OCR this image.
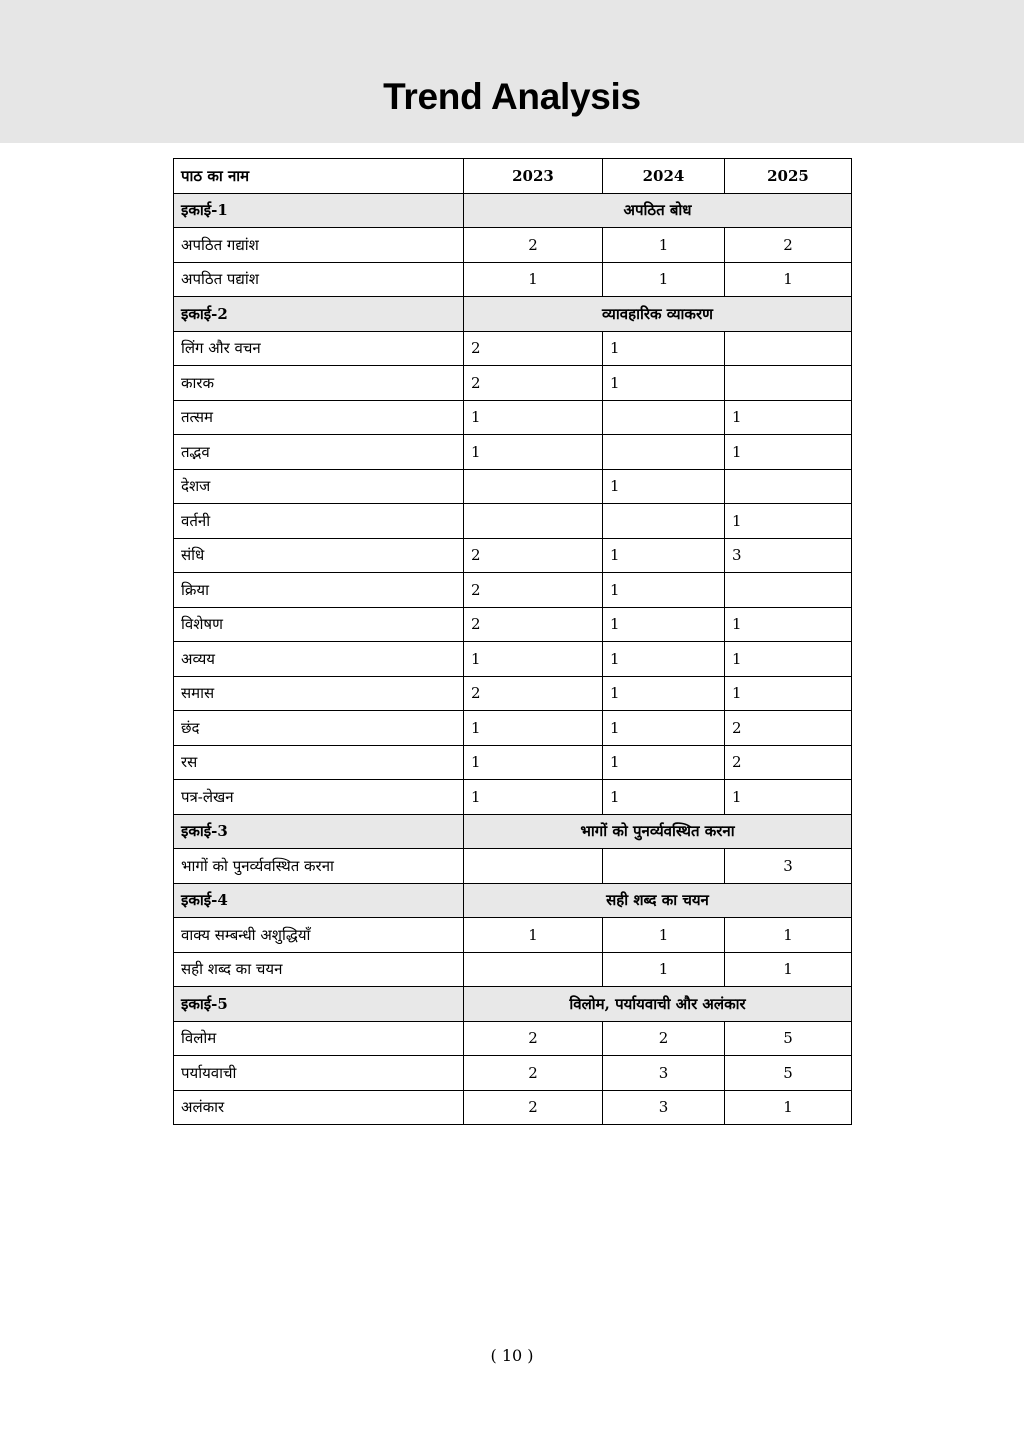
Trend Analysis
पाठ का नाम	2023	2024	2025
इकाई-1	अपठित बोध		
अपठित गद्यांश	2	1	2
अपठित पद्यांश	1	1	1
इकाई-2	व्यावहारिक व्याकरण		
लिंग और वचन	2	1	
कारक	2	1	
तत्सम	1		1
तद्भव	1		1
देशज		1	
वर्तनी			1
संधि	2	1	3
क्रिया	2	1	
विशेषण	2	1	1
अव्यय	1	1	1
समास	2	1	1
छंद	1	1	2
रस	1	1	2
पत्र-लेखन	1	1	1
इकाई-3	भागों को पुनर्व्यवस्थित करना		
भागों को पुनर्व्यवस्थित करना			3
इकाई-4	सही शब्द का चयन		
वाक्य सम्बन्धी अशुद्धियाँ	1	1	1
सही शब्द का चयन		1	1
इकाई-5	विलोम, पर्यायवाची और अलंकार		
विलोम	2	2	5
पर्यायवाची	2	3	5
अलंकार	2	3	1
( 10 )
